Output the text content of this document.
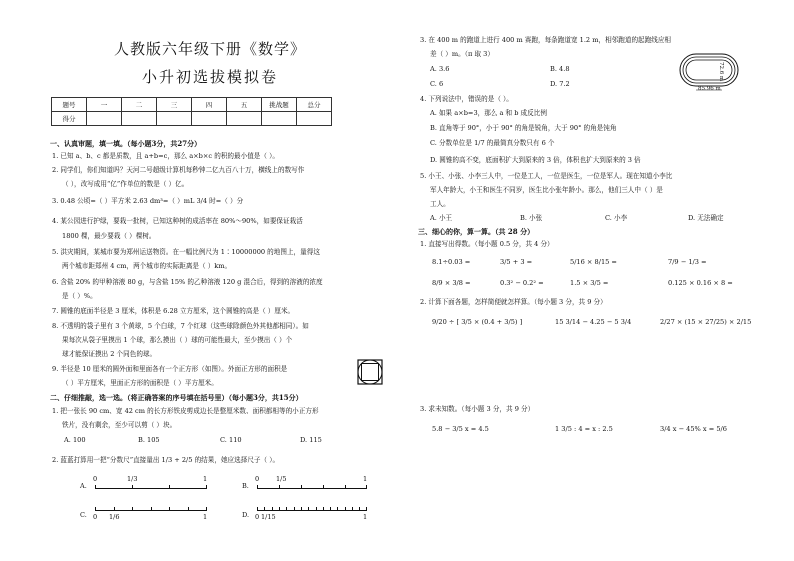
人教版六年级下册《数学》
小升初选拔模拟卷
题号	一	二	三	四	五	挑战题	总分
得分							
一、认真审题，填一填。（每小题3分，共27分）
1. 已知 a、b、c 都是质数，且 a+b=c，那么 a×b×c 的积的最小值是（ ）。
2. 同学们，你们知道吗？天河二号超级计算机每秒钟二亿九百八十万，横线上的数写作
（ ），改写成用“亿”作单位的数是（ ）亿。
3. 0.48 公顷=（ ）平方米 2.63 dm³=（ ）mL 3/4 时=（ ）分
4. 某公园进行护绿，要栽一批树，已知这种树的成活率在 80%～90%，如要保证栽活
1800 棵，最少要栽（ ）棵树。
5. 洪灾期间，某城市要为郑州运送物资。在一幅比例尺为 1∶10000000 的地图上，量得这
两个城市距郑州 4 cm，两个城市的实际距离是（ ）km。
6. 含盐 20% 的甲种溶液 80 g，与含盐 15% 的乙种溶液 120 g 混合后，得到的溶液的浓度
是（ ）%。
7. 圆锥的底面半径是 3 厘米，体积是 6.28 立方厘米，这个圆锥的高是（ ）厘米。
8. 不透明的袋子里有 3 个黄球，5 个白球，7 个红球（这些球除颜色外其他都相同）。如
果每次从袋子里摸出 1 个球，那么摸出（ ）球的可能性最大，至少摸出（ ）个
球才能保证摸出 2 个同色的球。
9. 半径是 10 厘米的圆外面和里面各有一个正方形（如图）。外面正方形的面积是
（ ）平方厘米，里面正方形的面积是（ ）平方厘米。
二、仔细推敲，选一选。（将正确答案的序号填在括号里）（每小题3分，共15分）
1. 把一张长 90 cm、宽 42 cm 的长方形铁皮剪成边长是整厘米数、面积都相等的小正方形
铁片，没有剩余，至少可以剪（ ）块。
A. 100	B. 105	C. 110	D. 115
2. 蓝蓝打算用一把“分数尺”直接量出 1/3 + 2/5 的结果，她应选择尺子（ ）。
A.
0	1/3	1
B.
0	1/5	1
C. 0 1/6	1	D. 0 1/15	1
3. 在 400 m 的跑道上进行 400 m 赛跑，每条跑道宽 1.2 m，相邻跑道的起跑线应相
差（ ）m。（π 取 3）
A. 3.6	B. 4.8
C. 6	D. 7.2
85.96 m
72.6 m
4. 下列说法中，错误的是（ ）。
A. 如果 a×b=3，那么 a 和 b 成反比例
B. 直角等于 90°，小于 90° 的角是锐角，大于 90° 的角是钝角
C. 分数单位是 1/7 的最简真分数只有 6 个
D. 圆锥的高不变，底面积扩大到原来的 3 倍，体积也扩大到原来的 3 倍
5. 小王、小张、小李三人中，一位是工人，一位是医生，一位是军人。现在知道小李比
军人年龄大，小王和医生不同岁，医生比小张年龄小。那么，他们三人中（ ）是
工人。
A. 小王	B. 小张	C. 小李	D. 无法确定
三、细心的你，算一算。（共 28 分）
1. 直接写出得数。（每小题 0.5 分，共 4 分）
8.1÷0.03 =	3/5 + 3 =	5/16 × 8/15 =	7/9 − 1/3 =
8/9 × 3/8 =	0.3² − 0.2² =	1.5 × 3/5 =	0.125 × 0.16 × 8 =
2. 计算下面各题，怎样简便就怎样算。（每小题 3 分，共 9 分）
9/20 ÷ [ 3/5 × (0.4 + 3/5) ]	15 3/14 − 4.25 − 5 3/4	2/27 × (15 × 27/25) × 2/15
3. 求未知数。（每小题 3 分，共 9 分）
5.8 − 3/5 x = 4.5	1 3/5 : 4 = x : 2.5	3/4 x − 45% x = 5/6
